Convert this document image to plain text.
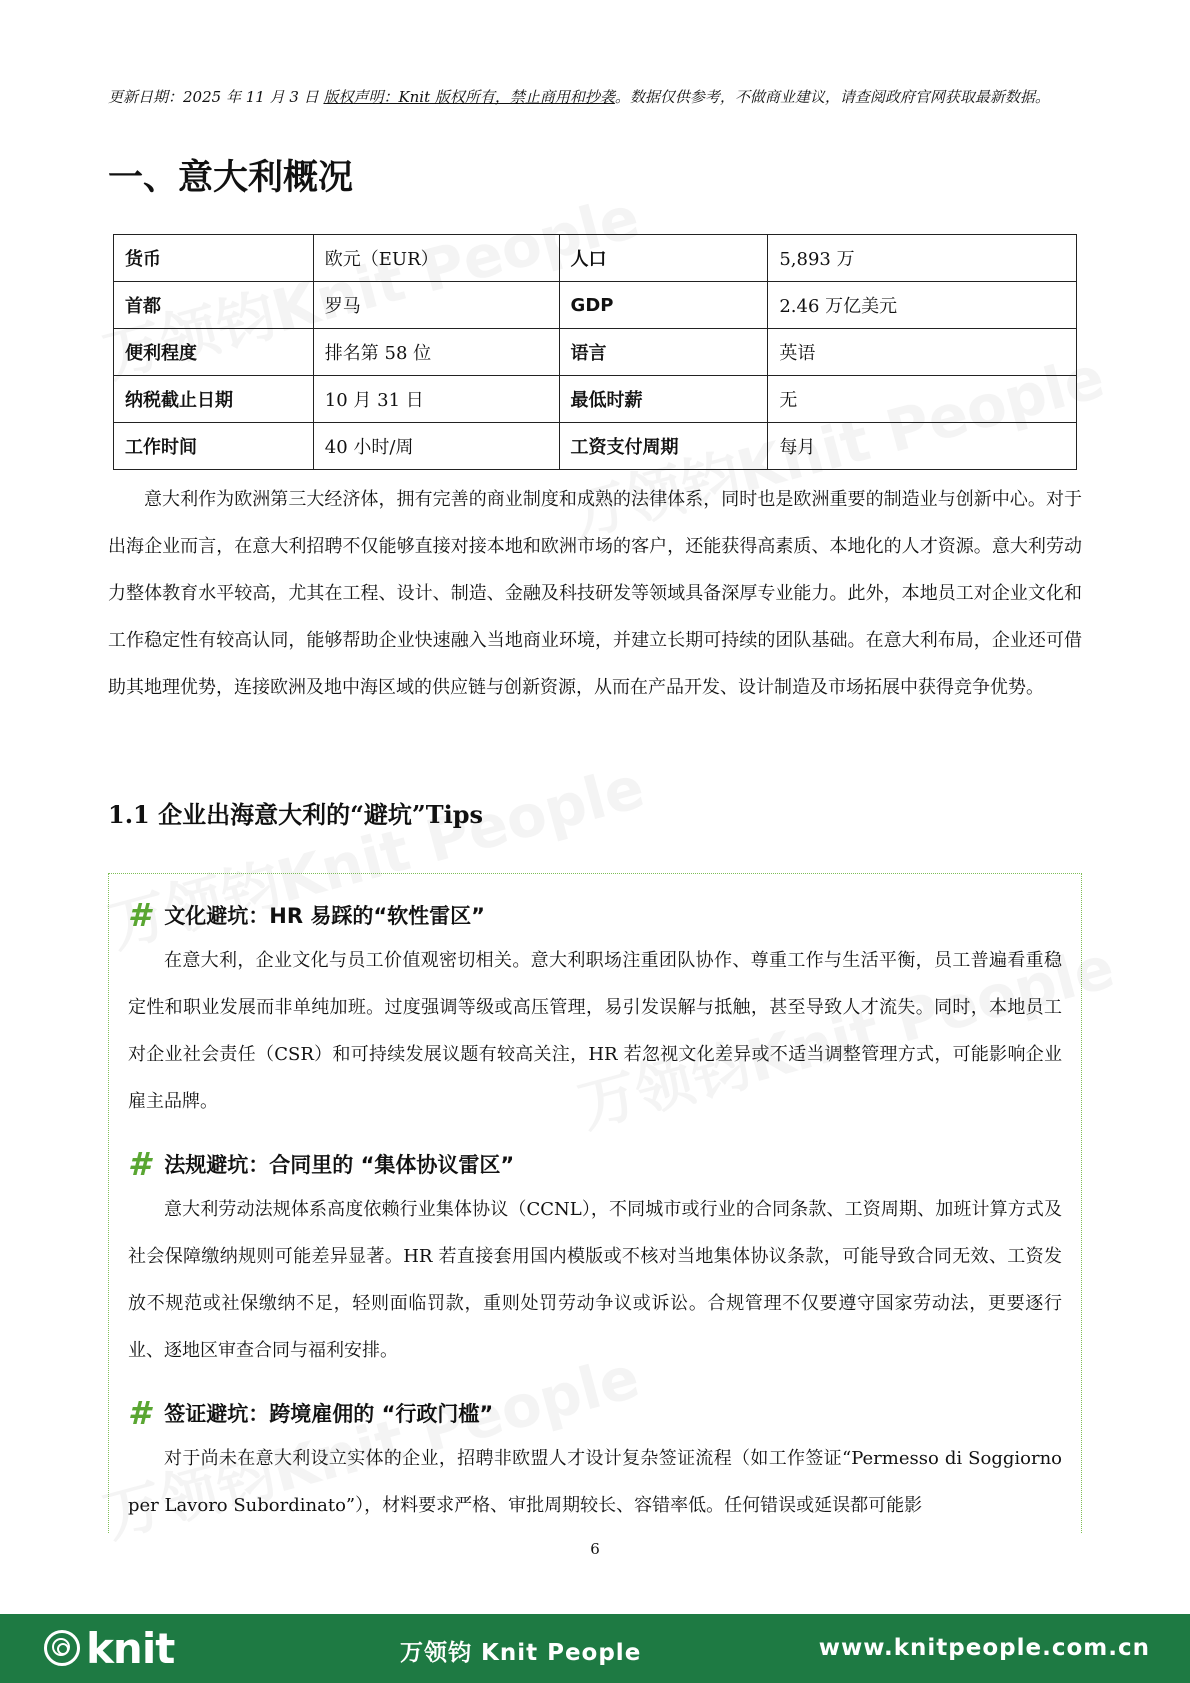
更新日期：2025 年 11 月 3 日 版权声明：Knit 版权所有，禁止商用和抄袭。数据仅供参考，不做商业建议，请查阅政府官网获取最新数据。
一、意大利概况
货币	欧元（EUR）	人口	5,893 万
首都	罗马	GDP	2.46 万亿美元
便利程度	排名第 58 位	语言	英语
纳税截止日期	10 月 31 日	最低时薪	无
工作时间	40 小时/周	工资支付周期	每月

意大利作为欧洲第三大经济体，拥有完善的商业制度和成熟的法律体系，同时也是欧洲重要的制造业与创新中心。对于出海企业而言，在意大利招聘不仅能够直接对接本地和欧洲市场的客户，还能获得高素质、本地化的人才资源。意大利劳动力整体教育水平较高，尤其在工程、设计、制造、金融及科技研发等领域具备深厚专业能力。此外，本地员工对企业文化和工作稳定性有较高认同，能够帮助企业快速融入当地商业环境，并建立长期可持续的团队基础。在意大利布局，企业还可借助其地理优势，连接欧洲及地中海区域的供应链与创新资源，从而在产品开发、设计制造及市场拓展中获得竞争优势。

1.1 企业出海意大利的“避坑”Tips
# 文化避坑：HR 易踩的“软性雷区”

在意大利，企业文化与员工价值观密切相关。意大利职场注重团队协作、尊重工作与生活平衡，员工普遍看重稳定性和职业发展而非单纯加班。过度强调等级或高压管理，易引发误解与抵触，甚至导致人才流失。同时，本地员工对企业社会责任（CSR）和可持续发展议题有较高关注，HR 若忽视文化差异或不适当调整管理方式，可能影响企业雇主品牌。

# 法规避坑：合同里的 “集体协议雷区”

意大利劳动法规体系高度依赖行业集体协议（CCNL），不同城市或行业的合同条款、工资周期、加班计算方式及社会保障缴纳规则可能差异显著。HR 若直接套用国内模版或不核对当地集体协议条款，可能导致合同无效、工资发放不规范或社保缴纳不足，轻则面临罚款，重则处罚劳动争议或诉讼。合规管理不仅要遵守国家劳动法，更要逐行业、逐地区审查合同与福利安排。

# 签证避坑：跨境雇佣的 “行政门槛”

对于尚未在意大利设立实体的企业，招聘非欧盟人才设计复杂签证流程（如工作签证“Permesso di Soggiorno per Lavoro Subordinato”），材料要求严格、审批周期较长、容错率低。任何错误或延误都可能影

6
knit	万领钧 Knit People	www.knitpeople.com.cn
